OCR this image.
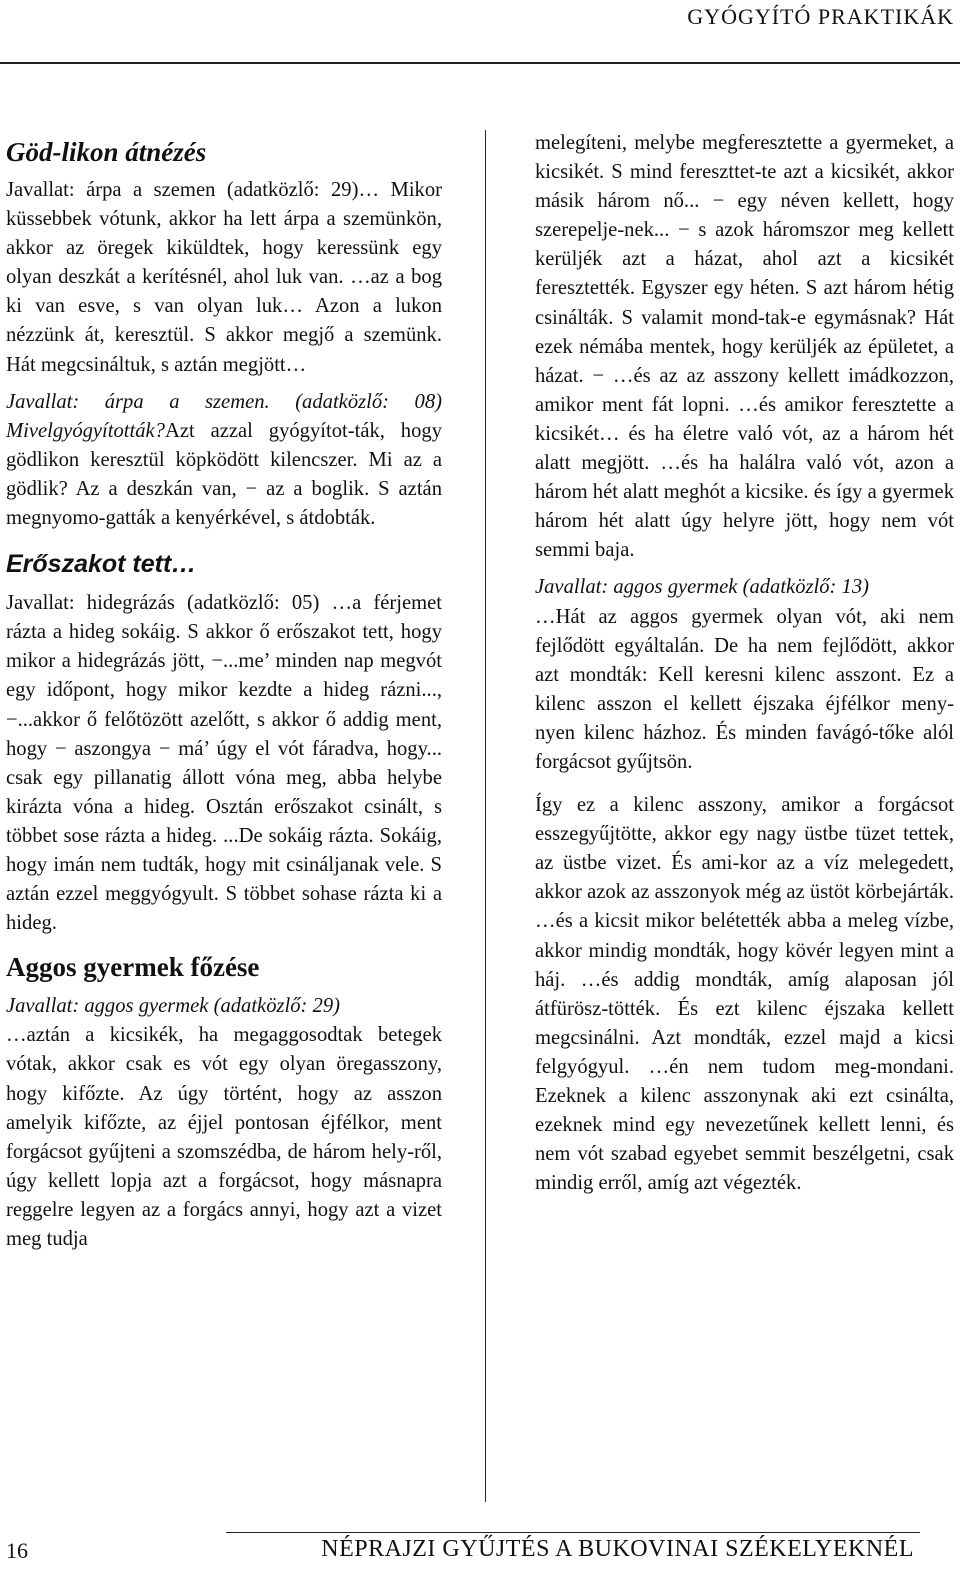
GYÓGYÍTÓ PRAKTIKÁK

Göd-likon átnézés

Javallat: árpa a szemen (adatközlő: 29)… Mikor küssebbek vótunk, akkor ha lett árpa a szemünkön, akkor az öregek kiküldtek, hogy keressünk egy olyan deszkát a kerítésnél, ahol luk van. …az a bog ki van esve, s van olyan luk… Azon a lukon nézzünk át, keresztül. S akkor megjő a szemünk. Hát megcsináltuk, s aztán megjött…

Javallat: árpa a szemen. (adatközlő: 08) Mivelgyógyították?Azt azzal gyógyítot-ták, hogy gödlikon keresztül köpködött kilencszer. Mi az a gödlik? Az a deszkán van, − az a boglik. S aztán megnyomo-gatták a kenyérkével, s átdobták.

Erőszakot tett…

Javallat: hidegrázás (adatközlő: 05) …a férjemet rázta a hideg sokáig. S akkor ő erőszakot tett, hogy mikor a hidegrázás jött, −...me’ minden nap megvót egy időpont, hogy mikor kezdte a hideg rázni..., −...akkor ő felőtözött azelőtt, s akkor ő addig ment, hogy − aszongya − má’ úgy el vót fáradva, hogy... csak egy pillanatig állott vóna meg, abba helybe kirázta vóna a hideg. Osztán erőszakot csinált, s többet sose rázta a hideg. ...De sokáig rázta. Sokáig, hogy imán nem tudták, hogy mit csináljanak vele. S aztán ezzel meggyógyult. S többet sohase rázta ki a hideg.

Aggos gyermek főzése

Javallat: aggos gyermek (adatközlő: 29)

…aztán a kicsikék, ha megaggosodtak betegek vótak, akkor csak es vót egy olyan öregasszony, hogy kifőzte. Az úgy történt, hogy az asszon amelyik kifőzte, az éjjel pontosan éjfélkor, ment forgácsot gyűjteni a szomszédba, de három hely-ről, úgy kellett lopja azt a forgácsot, hogy másnapra reggelre legyen az a forgács annyi, hogy azt a vizet meg tudja

melegíteni, melybe megferesztette a gyermeket, a kicsikét. S mind fereszttet-te azt a kicsikét, akkor másik három nő... − egy néven kellett, hogy szerepelje-nek... − s azok háromszor meg kellett kerüljék azt a házat, ahol azt a kicsikét feresztették. Egyszer egy héten. S azt három hétig csinálták. S valamit mond-tak-e egymásnak? Hát ezek némába mentek, hogy kerüljék az épületet, a házat. − …és az az asszony kellett imádkozzon, amikor ment fát lopni. …és amikor feresztette a kicsikét… és ha életre való vót, az a három hét alatt megjött. …és ha halálra való vót, azon a három hét alatt meghót a kicsike. és így a gyermek három hét alatt úgy helyre jött, hogy nem vót semmi baja.

Javallat: aggos gyermek (adatközlő: 13)

…Hát az aggos gyermek olyan vót, aki nem fejlődött egyáltalán. De ha nem fejlődött, akkor azt mondták: Kell keresni kilenc asszont. Ez a kilenc asszon el kellett éjszaka éjfélkor meny-nyen kilenc házhoz. És minden favágó-tőke alól forgácsot gyűjtsön.

Így ez a kilenc asszony, amikor a forgácsot esszegyűjtötte, akkor egy nagy üstbe tüzet tettek, az üstbe vizet. És ami-kor az a víz melegedett, akkor azok az asszonyok még az üstöt körbejárták. …és a kicsit mikor belétették abba a meleg vízbe, akkor mindig mondták, hogy kövér legyen mint a háj. …és addig mondták, amíg alaposan jól átfürösz-tötték. És ezt kilenc éjszaka kellett megcsinálni. Azt mondták, ezzel majd a kicsi felgyógyul. …én nem tudom meg-mondani. Ezeknek a kilenc asszonynak aki ezt csinálta, ezeknek mind egy nevezetűnek kellett lenni, és nem vót szabad egyebet semmit beszélgetni, csak mindig erről, amíg azt végezték.

16	NÉPRAJZI GYŰJTÉS A BUKOVINAI SZÉKELYEKNÉL
